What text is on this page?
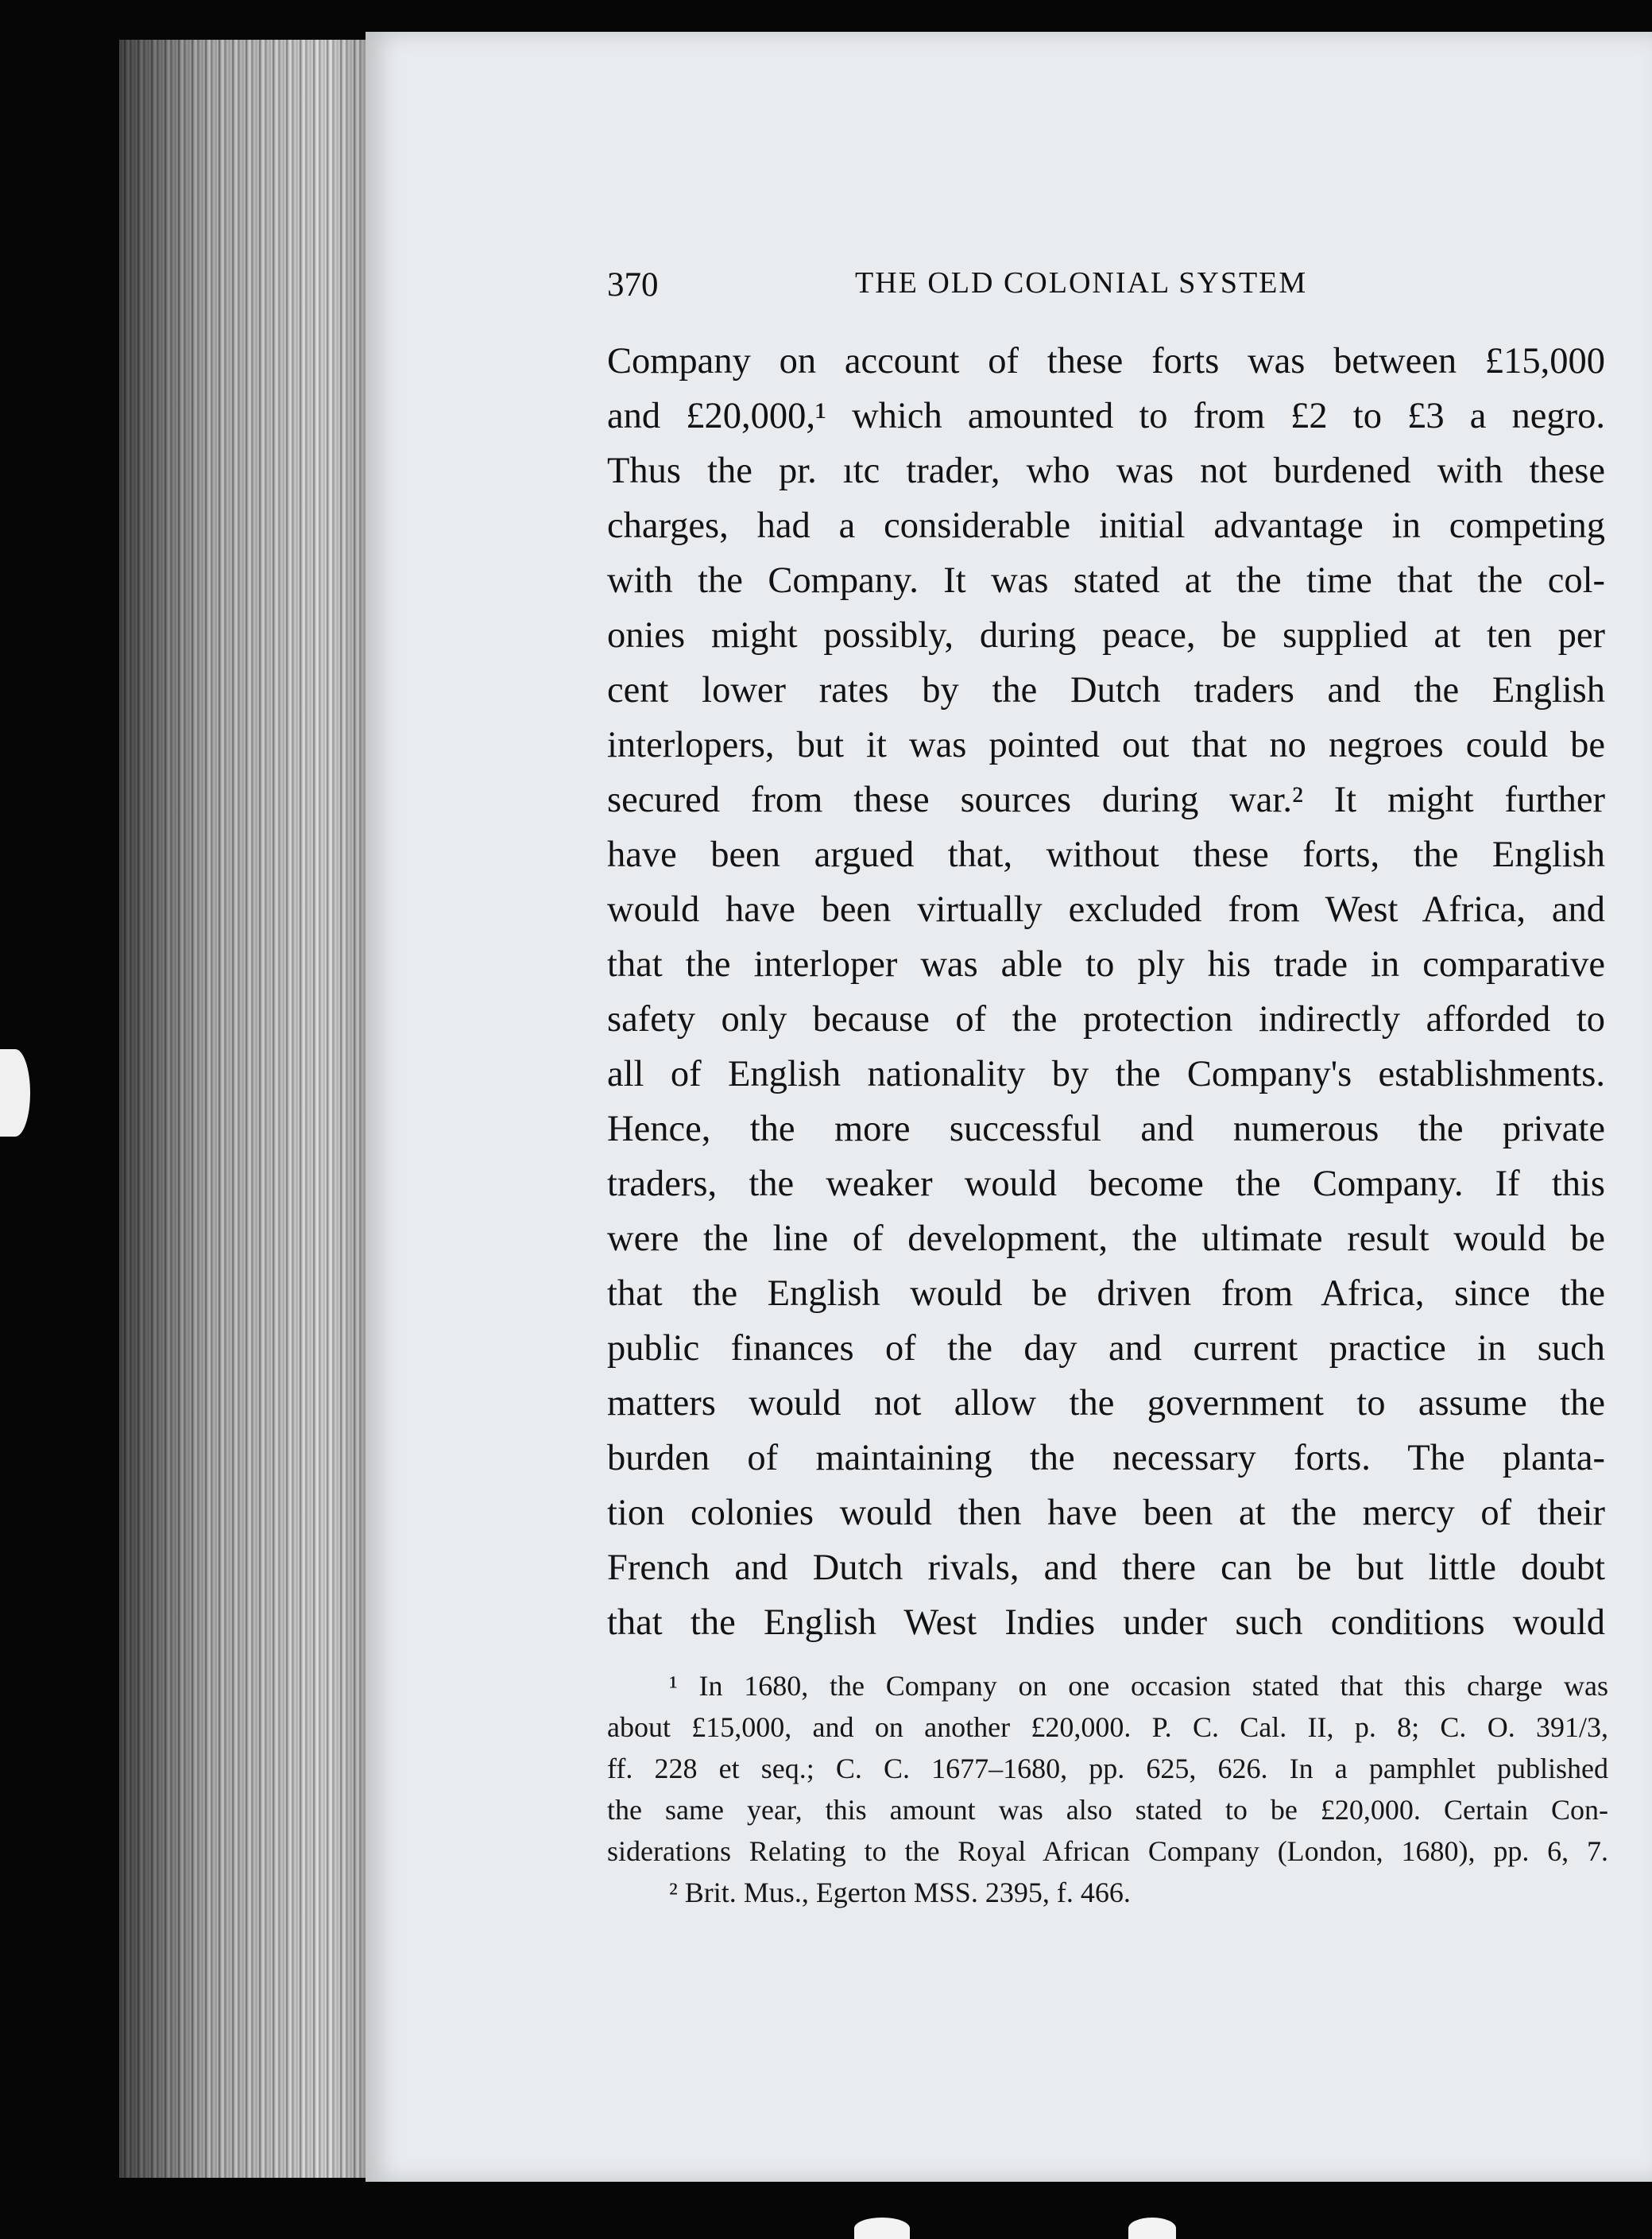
370	THE OLD COLONIAL SYSTEM
Company on account of these forts was between £15,000
and £20,000,¹ which amounted to from £2 to £3 a negro.
Thus the pr. ıtc trader, who was not burdened with these
charges, had a considerable initial advantage in competing
with the Company. It was stated at the time that the col-
onies might possibly, during peace, be supplied at ten per
cent lower rates by the Dutch traders and the English
interlopers, but it was pointed out that no negroes could be
secured from these sources during war.² It might further
have been argued that, without these forts, the English
would have been virtually excluded from West Africa, and
that the interloper was able to ply his trade in comparative
safety only because of the protection indirectly afforded to
all of English nationality by the Company's establishments.
Hence, the more successful and numerous the private
traders, the weaker would become the Company. If this
were the line of development, the ultimate result would be
that the English would be driven from Africa, since the
public finances of the day and current practice in such
matters would not allow the government to assume the
burden of maintaining the necessary forts. The planta-
tion colonies would then have been at the mercy of their
French and Dutch rivals, and there can be but little doubt
that the English West Indies under such conditions would
¹ In 1680, the Company on one occasion stated that this charge was
about £15,000, and on another £20,000. P. C. Cal. II, p. 8; C. O. 391/3,
ff. 228 et seq.; C. C. 1677–1680, pp. 625, 626. In a pamphlet published
the same year, this amount was also stated to be £20,000. Certain Con-
siderations Relating to the Royal African Company (London, 1680), pp. 6, 7.
² Brit. Mus., Egerton MSS. 2395, f. 466.
